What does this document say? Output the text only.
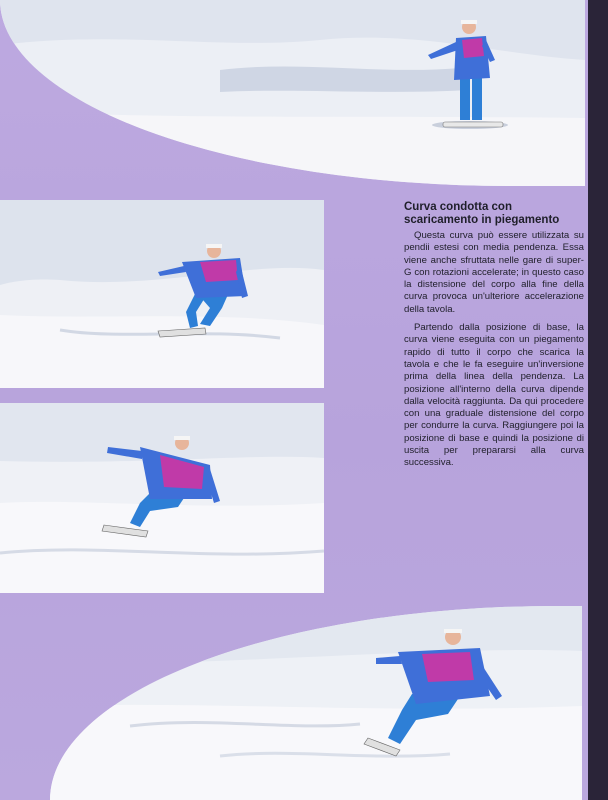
Curva condotta con
scaricamento in piegamento

Questa curva può essere utilizzata su pendii estesi con media pendenza. Essa viene anche sfruttata nelle gare di super-G con rotazioni accelerate; in questo caso la distensione del corpo alla fine della curva provoca un'ulteriore accelerazione della tavola.

Partendo dalla posizione di base, la curva viene eseguita con un piegamento rapido di tutto il corpo che scarica la tavola e che le fa eseguire un'inversione prima della linea della pendenza. La posizione all'interno della curva dipende dalla velocità raggiunta. Da qui procedere con una graduale distensione del corpo per condurre la curva. Raggiungere poi la posizione di base e quindi la posizione di uscita per prepararsi alla curva successiva.
